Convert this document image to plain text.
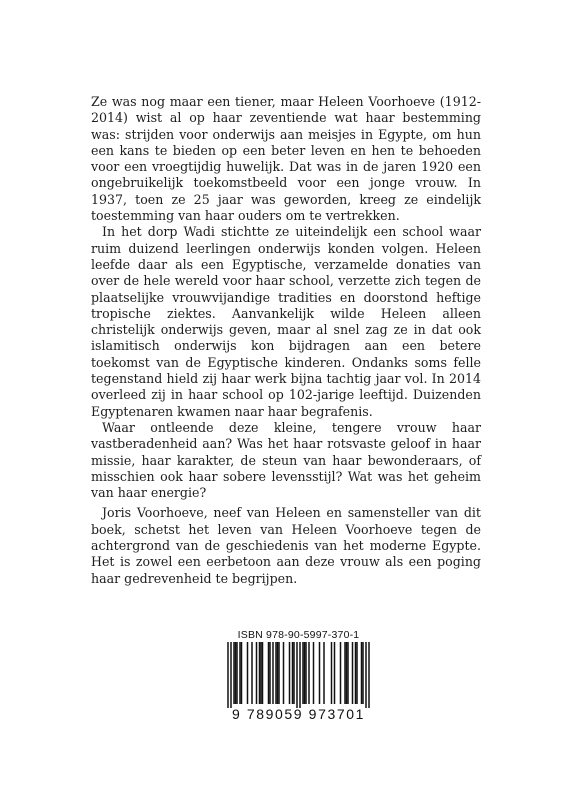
Ze was nog maar een tiener, maar Heleen Voorhoeve (1912-2014) wist al op haar zeventiende wat haar bestemming was: strijden voor onderwijs aan meisjes in Egypte, om hun een kans te bieden op een beter leven en hen te behoeden voor een vroegtijdig huwelijk. Dat was in de jaren 1920 een ongebruikelijk toekomstbeeld voor een jonge vrouw. In 1937, toen ze 25 jaar was geworden, kreeg ze eindelijk toestemming van haar ouders om te vertrekken.

In het dorp Wadi stichtte ze uiteindelijk een school waar ruim duizend leerlingen onderwijs konden volgen. Heleen leefde daar als een Egyptische, verzamelde donaties van over de hele wereld voor haar school, verzette zich tegen de plaatselijke vrouwvijandige tradities en doorstond heftige tropische ziektes. Aanvankelijk wilde Heleen alleen christelijk onderwijs geven, maar al snel zag ze in dat ook islamitisch onderwijs kon bijdragen aan een betere toekomst van de Egyptische kinderen. Ondanks soms felle tegenstand hield zij haar werk bijna tachtig jaar vol. In 2014 overleed zij in haar school op 102-jarige leeftijd. Duizenden Egyptenaren kwamen naar haar begrafenis.

Waar ontleende deze kleine, tengere vrouw haar vastberadenheid aan? Was het haar rotsvaste geloof in haar missie, haar karakter, de steun van haar bewonderaars, of misschien ook haar sobere levensstijl? Wat was het geheim van haar energie?

Joris Voorhoeve, neef van Heleen en samensteller van dit boek, schetst het leven van Heleen Voorhoeve tegen de achtergrond van de geschiedenis van het moderne Egypte. Het is zowel een eerbetoon aan deze vrouw als een poging haar gedrevenheid te begrijpen.

ISBN 978-90-5997-370-1
9 789059 973701
